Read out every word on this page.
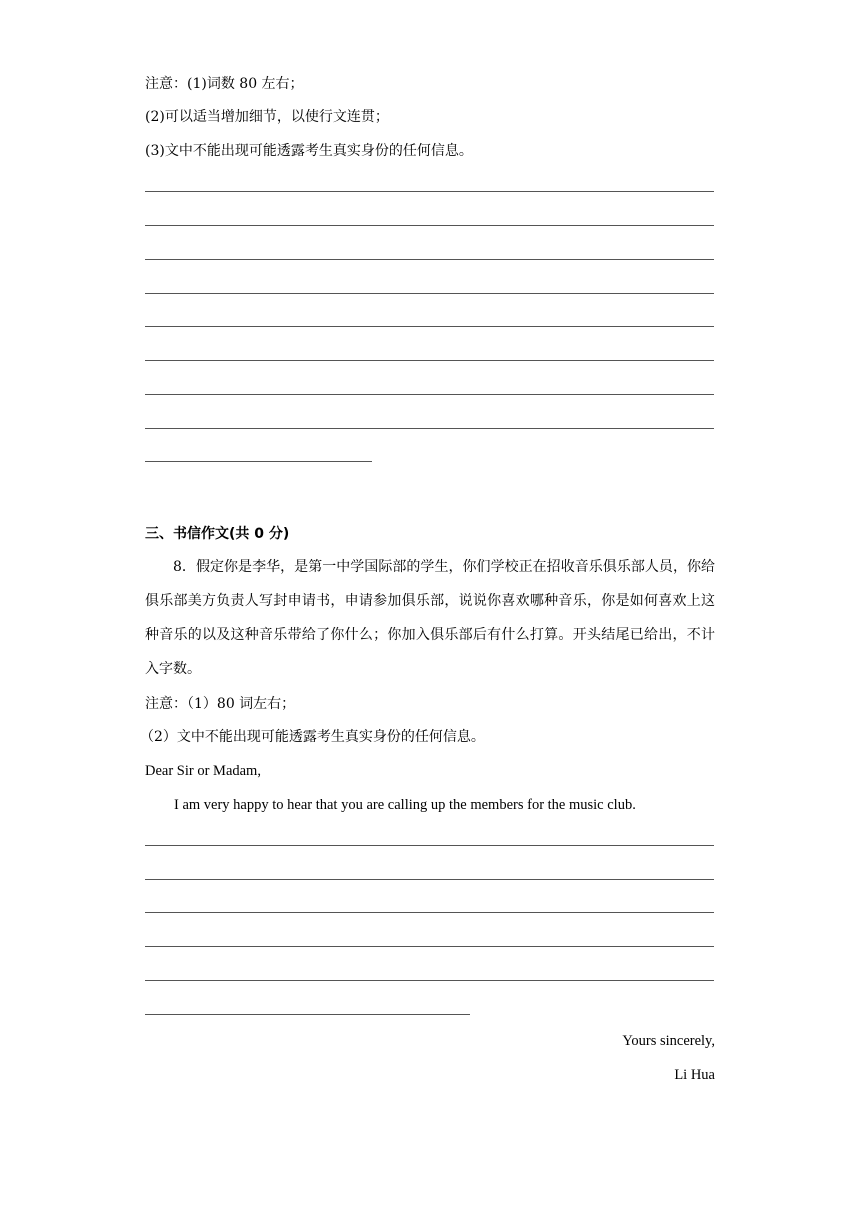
注意：(1)词数 80 左右；

(2)可以适当增加细节，以使行文连贯；

(3)文中不能出现可能透露考生真实身份的任何信息。

三、书信作文(共 0 分)

8．假定你是李华，是第一中学国际部的学生，你们学校正在招收音乐俱乐部人员，你给俱乐部美方负责人写封申请书，申请参加俱乐部，说说你喜欢哪种音乐，你是如何喜欢上这种音乐的以及这种音乐带给了你什么；你加入俱乐部后有什么打算。开头结尾已给出，不计入字数。

注意：（1）80 词左右；

（2）文中不能出现可能透露考生真实身份的任何信息。

Dear Sir or Madam,

I am very happy to hear that you are calling up the members for the music club.

Yours sincerely,

Li Hua
